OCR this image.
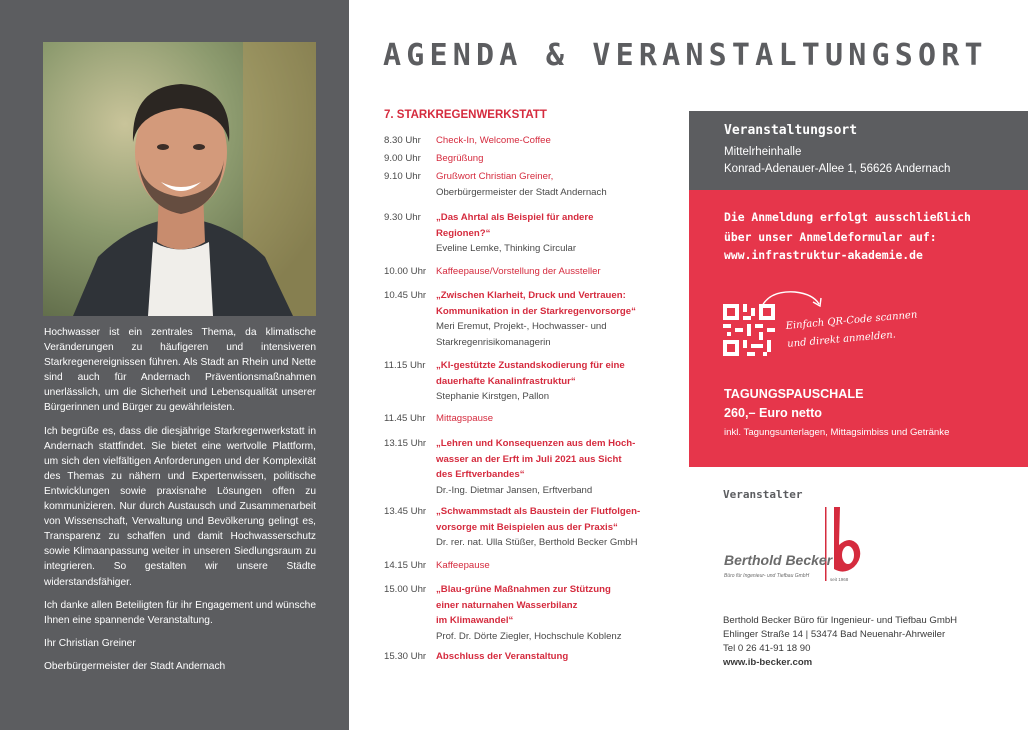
Hochwasser ist ein zentrales Thema, da klimatische Veränderungen zu häufigeren und intensiveren Starkregenereignissen führen. Als Stadt an Rhein und Nette sind auch für Andernach Präventionsmaßnahmen unerlässlich, um die Sicherheit und Lebensqualität unserer Bürgerinnen und Bürger zu gewährleisten.

Ich begrüße es, dass die diesjährige Starkregenwerkstatt in Andernach stattfindet. Sie bietet eine wertvolle Plattform, um sich den vielfältigen Anforderungen und der Komplexität des Themas zu nähern und Expertenwissen, politische Entwicklungen sowie praxisnahe Lösungen offen zu kommunizieren. Nur durch Austausch und Zusammenarbeit von Wissenschaft, Verwaltung und Bevölkerung gelingt es, Transparenz zu schaffen und damit Hochwasserschutz sowie Klimaanpassung weiter in unseren Siedlungsraum zu integrieren. So gestalten wir unsere Städte widerstandsfähiger.

Ich danke allen Beteiligten für ihr Engagement und wünsche Ihnen eine spannende Veranstaltung.

Ihr Christian Greiner

Oberbürgermeister der Stadt Andernach

AGENDA & VERANSTALTUNGSORT
7. STARKREGENWERKSTATT
8.30 Uhr	Check-In, Welcome-Coffee
9.00 Uhr	Begrüßung
9.10 Uhr	Grußwort Christian Greiner,
Oberbürgermeister der Stadt Andernach
9.30 Uhr	„Das Ahrtal als Beispiel für andere
Regionen?“
Eveline Lemke, Thinking Circular
10.00 Uhr	Kaffeepause/Vorstellung der Aussteller
10.45 Uhr	„Zwischen Klarheit, Druck und Vertrauen:
Kommunikation in der Starkregenvorsorge“
Meri Eremut, Projekt-, Hochwasser- und
Starkregenrisikomanagerin
11.15 Uhr	„KI-gestützte Zustandskodierung für eine
dauerhafte Kanalinfrastruktur“
Stephanie Kirstgen, Pallon
11.45 Uhr	Mittagspause
13.15 Uhr	„Lehren und Konsequenzen aus dem Hoch-
wasser an der Erft im Juli 2021 aus Sicht
des Erftverbandes“
Dr.-Ing. Dietmar Jansen, Erftverband
13.45 Uhr	„Schwammstadt als Baustein der Flutfolgen-
vorsorge mit Beispielen aus der Praxis“
Dr. rer. nat. Ulla Stüßer, Berthold Becker GmbH
14.15 Uhr	Kaffeepause
15.00 Uhr	„Blau-grüne Maßnahmen zur Stützung
einer naturnahen Wasserbilanz
im Klimawandel“
Prof. Dr. Dörte Ziegler, Hochschule Koblenz
15.30 Uhr	Abschluss der Veranstaltung
Veranstaltungsort
Mittelrheinhalle
Konrad-Adenauer-Allee 1, 56626 Andernach
Die Anmeldung erfolgt ausschließlich
über unser Anmeldeformular auf:
www.infrastruktur-akademie.de
Einfach QR-Code scannen
und direkt anmelden.
TAGUNGSPAUSCHALE
260,– Euro netto
inkl. Tagungsunterlagen, Mittagsimbiss und Getränke
Veranstalter
Berthold Becker
Büro für Ingenieur- und Tiefbau GmbH
seit 1968
Berthold Becker Büro für Ingenieur- und Tiefbau GmbH
Ehlinger Straße 14 | 53474 Bad Neuenahr-Ahrweiler
Tel 0 26 41-91 18 90
www.ib-becker.com
